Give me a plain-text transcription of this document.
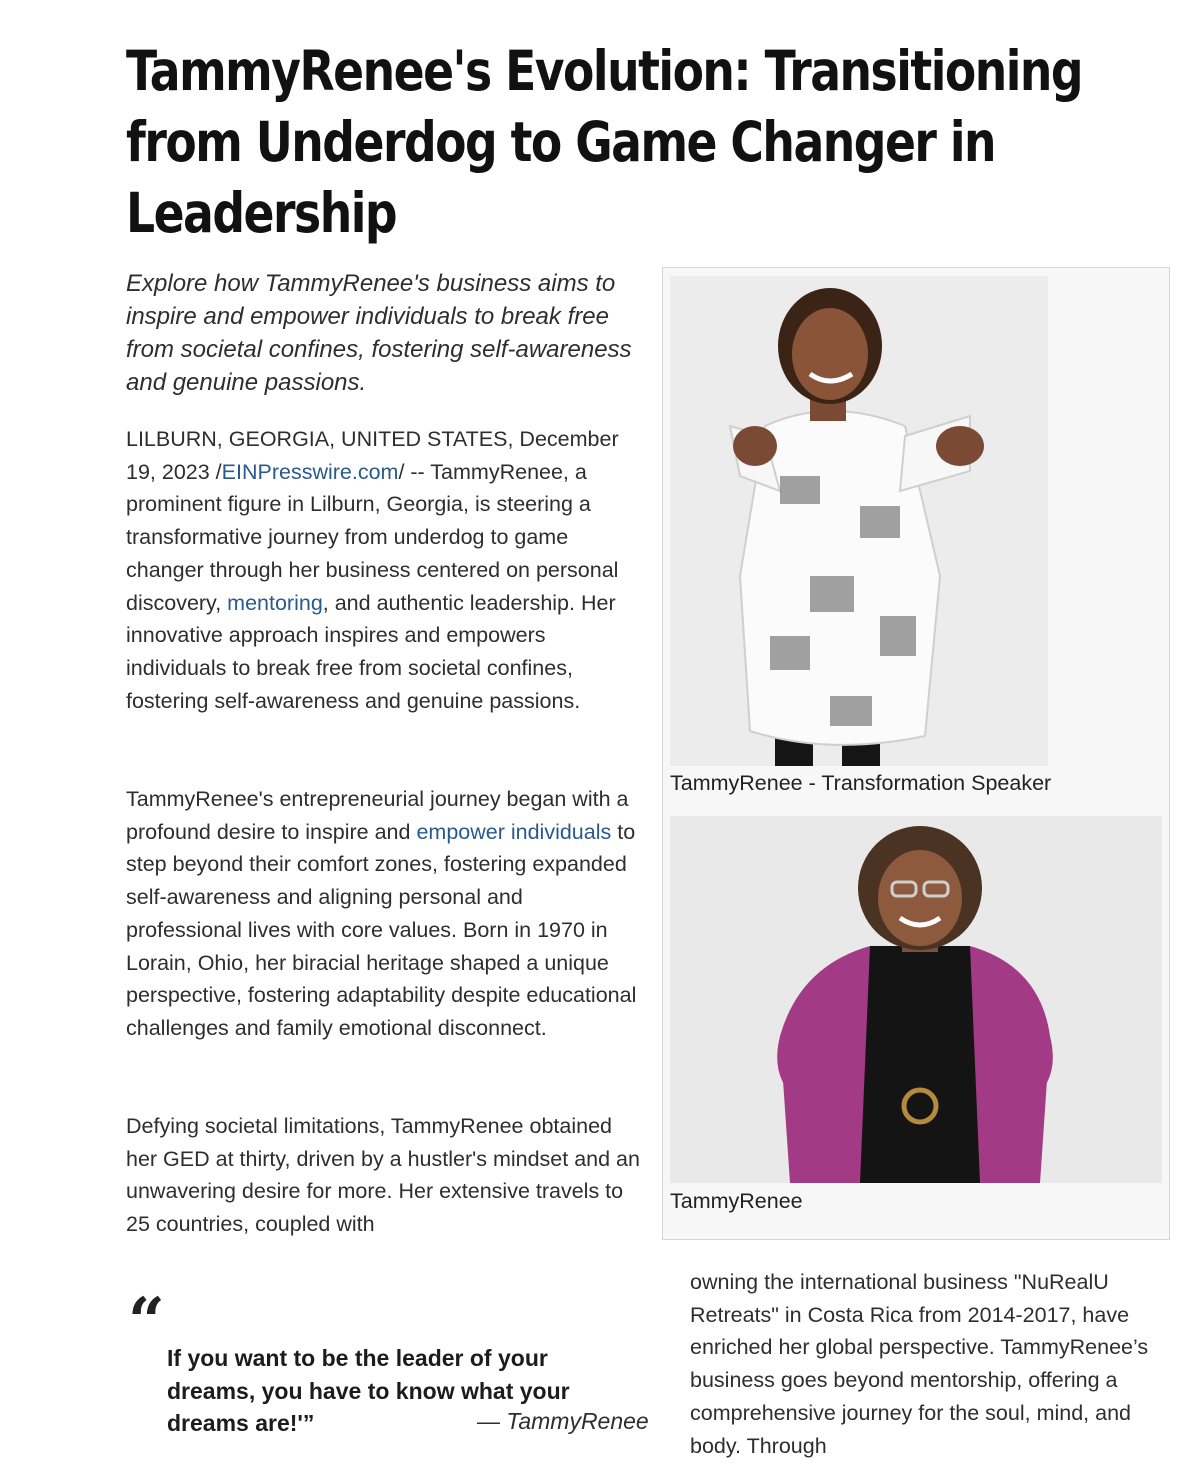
TammyRenee's Evolution: Transitioning from Underdog to Game Changer in Leadership

Explore how TammyRenee's business aims to inspire and empower individuals to break free from societal confines, fostering self-awareness and genuine passions.

LILBURN, GEORGIA, UNITED STATES, December 19, 2023 /EINPresswire.com/ -- TammyRenee, a prominent figure in Lilburn, Georgia, is steering a transformative journey from underdog to game changer through her business centered on personal discovery, mentoring, and authentic leadership. Her innovative approach inspires and empowers individuals to break free from societal confines, fostering self-awareness and genuine passions.

TammyRenee's entrepreneurial journey began with a profound desire to inspire and empower individuals to step beyond their comfort zones, fostering expanded self-awareness and aligning personal and professional lives with core values. Born in 1970 in Lorain, Ohio, her biracial heritage shaped a unique perspective, fostering adaptability despite educational challenges and family emotional disconnect.

Defying societal limitations, TammyRenee obtained her GED at thirty, driven by a hustler's mindset and an unwavering desire for more. Her extensive travels to 25 countries, coupled with

TammyRenee - Transformation Speaker

TammyRenee

“ If you want to be the leader of your dreams, you have to know what your dreams are!'”	— TammyRenee

owning the international business "NuRealU Retreats" in Costa Rica from 2014-2017, have enriched her global perspective. TammyRenee’s business goes beyond mentorship, offering a comprehensive journey for the soul, mind, and body. Through
